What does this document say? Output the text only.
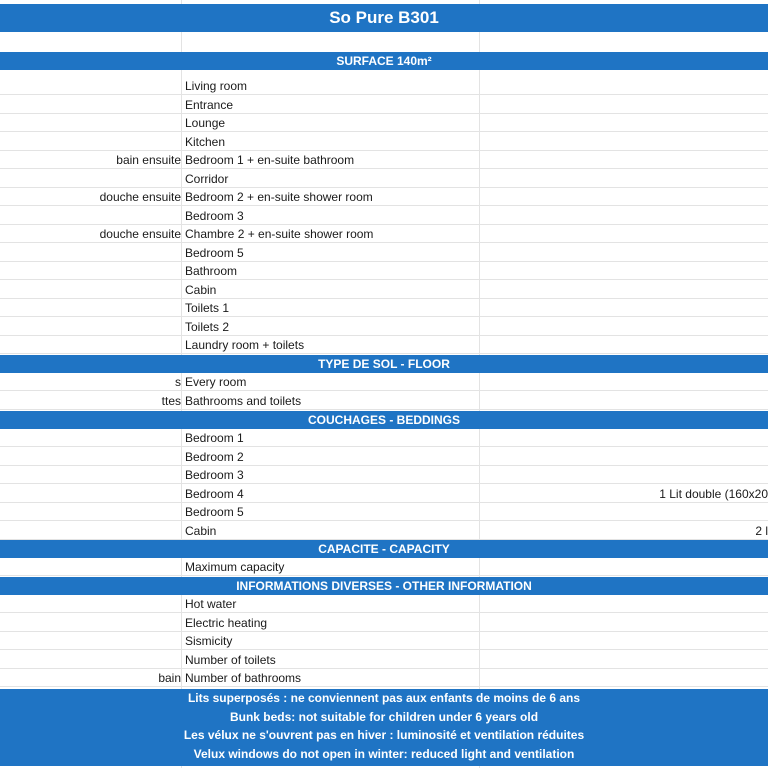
So Pure B301
SURFACE 140m²
Living room
Entrance
Lounge
Kitchen
bain ensuite Bedroom 1 + en-suite bathroom
Corridor
douche ensuite Bedroom 2 + en-suite shower room
Bedroom 3
douche ensuite Chambre 2 + en-suite shower room
Bedroom 5
Bathroom
Cabin
Toilets 1
Toilets 2
Laundry room + toilets
TYPE DE SOL - FLOOR
s Every room
ttes Bathrooms and toilets
COUCHAGES - BEDDINGS
Bedroom 1
Bedroom 2
Bedroom 3
Bedroom 4	1 Lit double (160x20
Bedroom 5
Cabin	2 l
CAPACITE - CAPACITY
Maximum capacity
INFORMATIONS DIVERSES - OTHER INFORMATION
Hot water
Electric heating
Sismicity
Number of toilets
bain Number of bathrooms
Lits superposés : ne conviennent pas aux enfants de moins de 6 ans
Bunk beds: not suitable for children under 6 years old
Les vélux ne s'ouvrent pas en hiver : luminosité et ventilation réduites
Velux windows do not open in winter: reduced light and ventilation
